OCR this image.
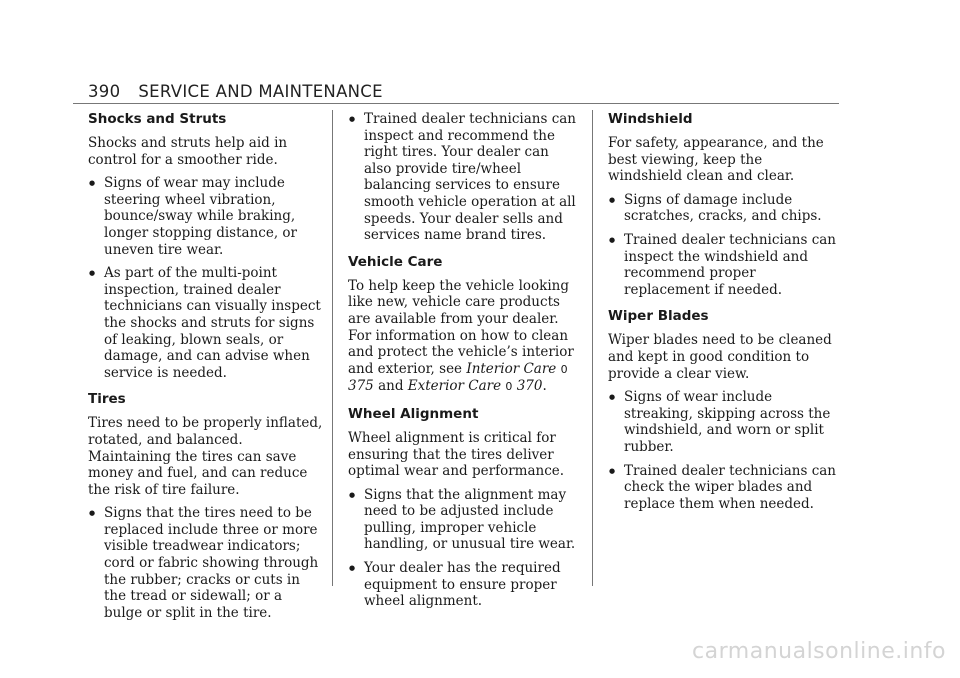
390 SERVICE AND MAINTENANCE
Shocks and Struts

Shocks and struts help aid in control for a smoother ride.

● Signs of wear may include steering wheel vibration, bounce/sway while braking, longer stopping distance, or uneven tire wear.
● As part of the multi-point inspection, trained dealer technicians can visually inspect the shocks and struts for signs of leaking, blown seals, or damage, and can advise when service is needed.
Tires

Tires need to be properly inflated, rotated, and balanced. Maintaining the tires can save money and fuel, and can reduce the risk of tire failure.

● Signs that the tires need to be replaced include three or more visible treadwear indicators; cord or fabric showing through the rubber; cracks or cuts in the tread or sidewall; or a bulge or split in the tire.
● Trained dealer technicians can inspect and recommend the right tires. Your dealer can also provide tire/wheel balancing services to ensure smooth vehicle operation at all speeds. Your dealer sells and services name brand tires.
Vehicle Care

To help keep the vehicle looking like new, vehicle care products are available from your dealer. For information on how to clean and protect the vehicle’s interior and exterior, see Interior Care 0 375 and Exterior Care 0 370.

Wheel Alignment

Wheel alignment is critical for ensuring that the tires deliver optimal wear and performance.

● Signs that the alignment may need to be adjusted include pulling, improper vehicle handling, or unusual tire wear.
● Your dealer has the required equipment to ensure proper wheel alignment.
Windshield

For safety, appearance, and the best viewing, keep the windshield clean and clear.

● Signs of damage include scratches, cracks, and chips.
● Trained dealer technicians can inspect the windshield and recommend proper replacement if needed.
Wiper Blades

Wiper blades need to be cleaned and kept in good condition to provide a clear view.

● Signs of wear include streaking, skipping across the windshield, and worn or split rubber.
● Trained dealer technicians can check the wiper blades and replace them when needed.
carmanualsonline.info
